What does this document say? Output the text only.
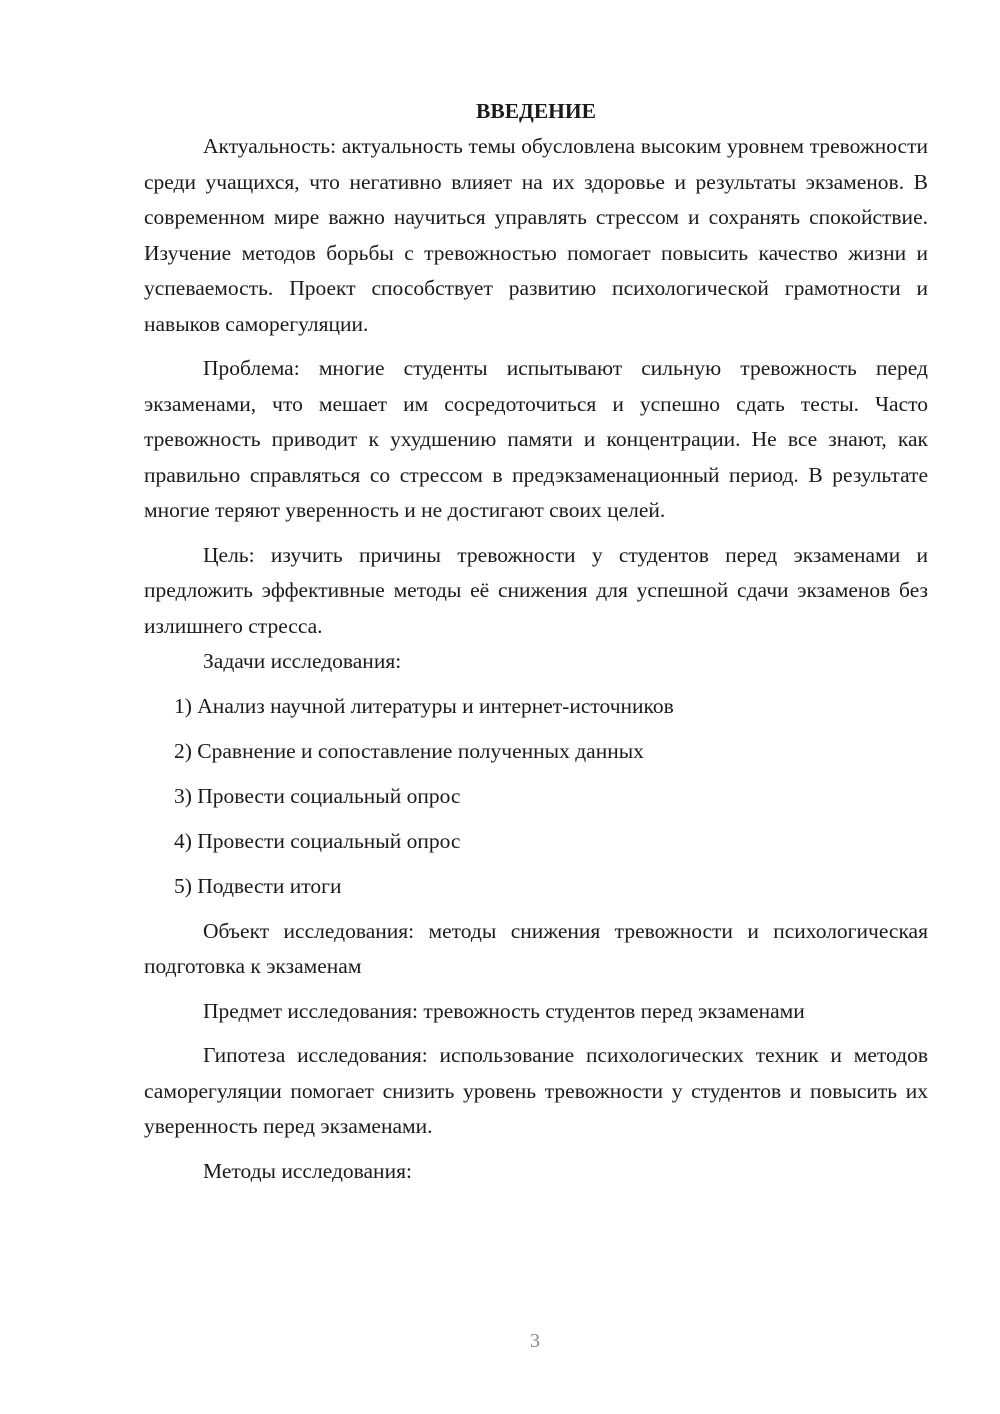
ВВЕДЕНИЕ

Актуальность: актуальность темы обусловлена высоким уровнем тревожности среди учащихся, что негативно влияет на их здоровье и результаты экзаменов. В современном мире важно научиться управлять стрессом и сохранять спокойствие. Изучение методов борьбы с тревожностью помогает повысить качество жизни и успеваемость. Проект способствует развитию психологической грамотности и навыков саморегуляции.

Проблема: многие студенты испытывают сильную тревожность перед экзаменами, что мешает им сосредоточиться и успешно сдать тесты. Часто тревожность приводит к ухудшению памяти и концентрации. Не все знают, как правильно справляться со стрессом в предэкзаменационный период. В результате многие теряют уверенность и не достигают своих целей.

Цель: изучить причины тревожности у студентов перед экзаменами и предложить эффективные методы её снижения для успешной сдачи экзаменов без излишнего стресса.

Задачи исследования:

1) Анализ научной литературы и интернет-источников

2) Сравнение и сопоставление полученных данных

3) Провести социальный опрос

4) Провести социальный опрос

5) Подвести итоги

Объект исследования: методы снижения тревожности и психологическая подготовка к экзаменам

Предмет исследования: тревожность студентов перед экзаменами

Гипотеза исследования: использование психологических техник и методов саморегуляции помогает снизить уровень тревожности у студентов и повысить их уверенность перед экзаменами.

Методы исследования:

3
